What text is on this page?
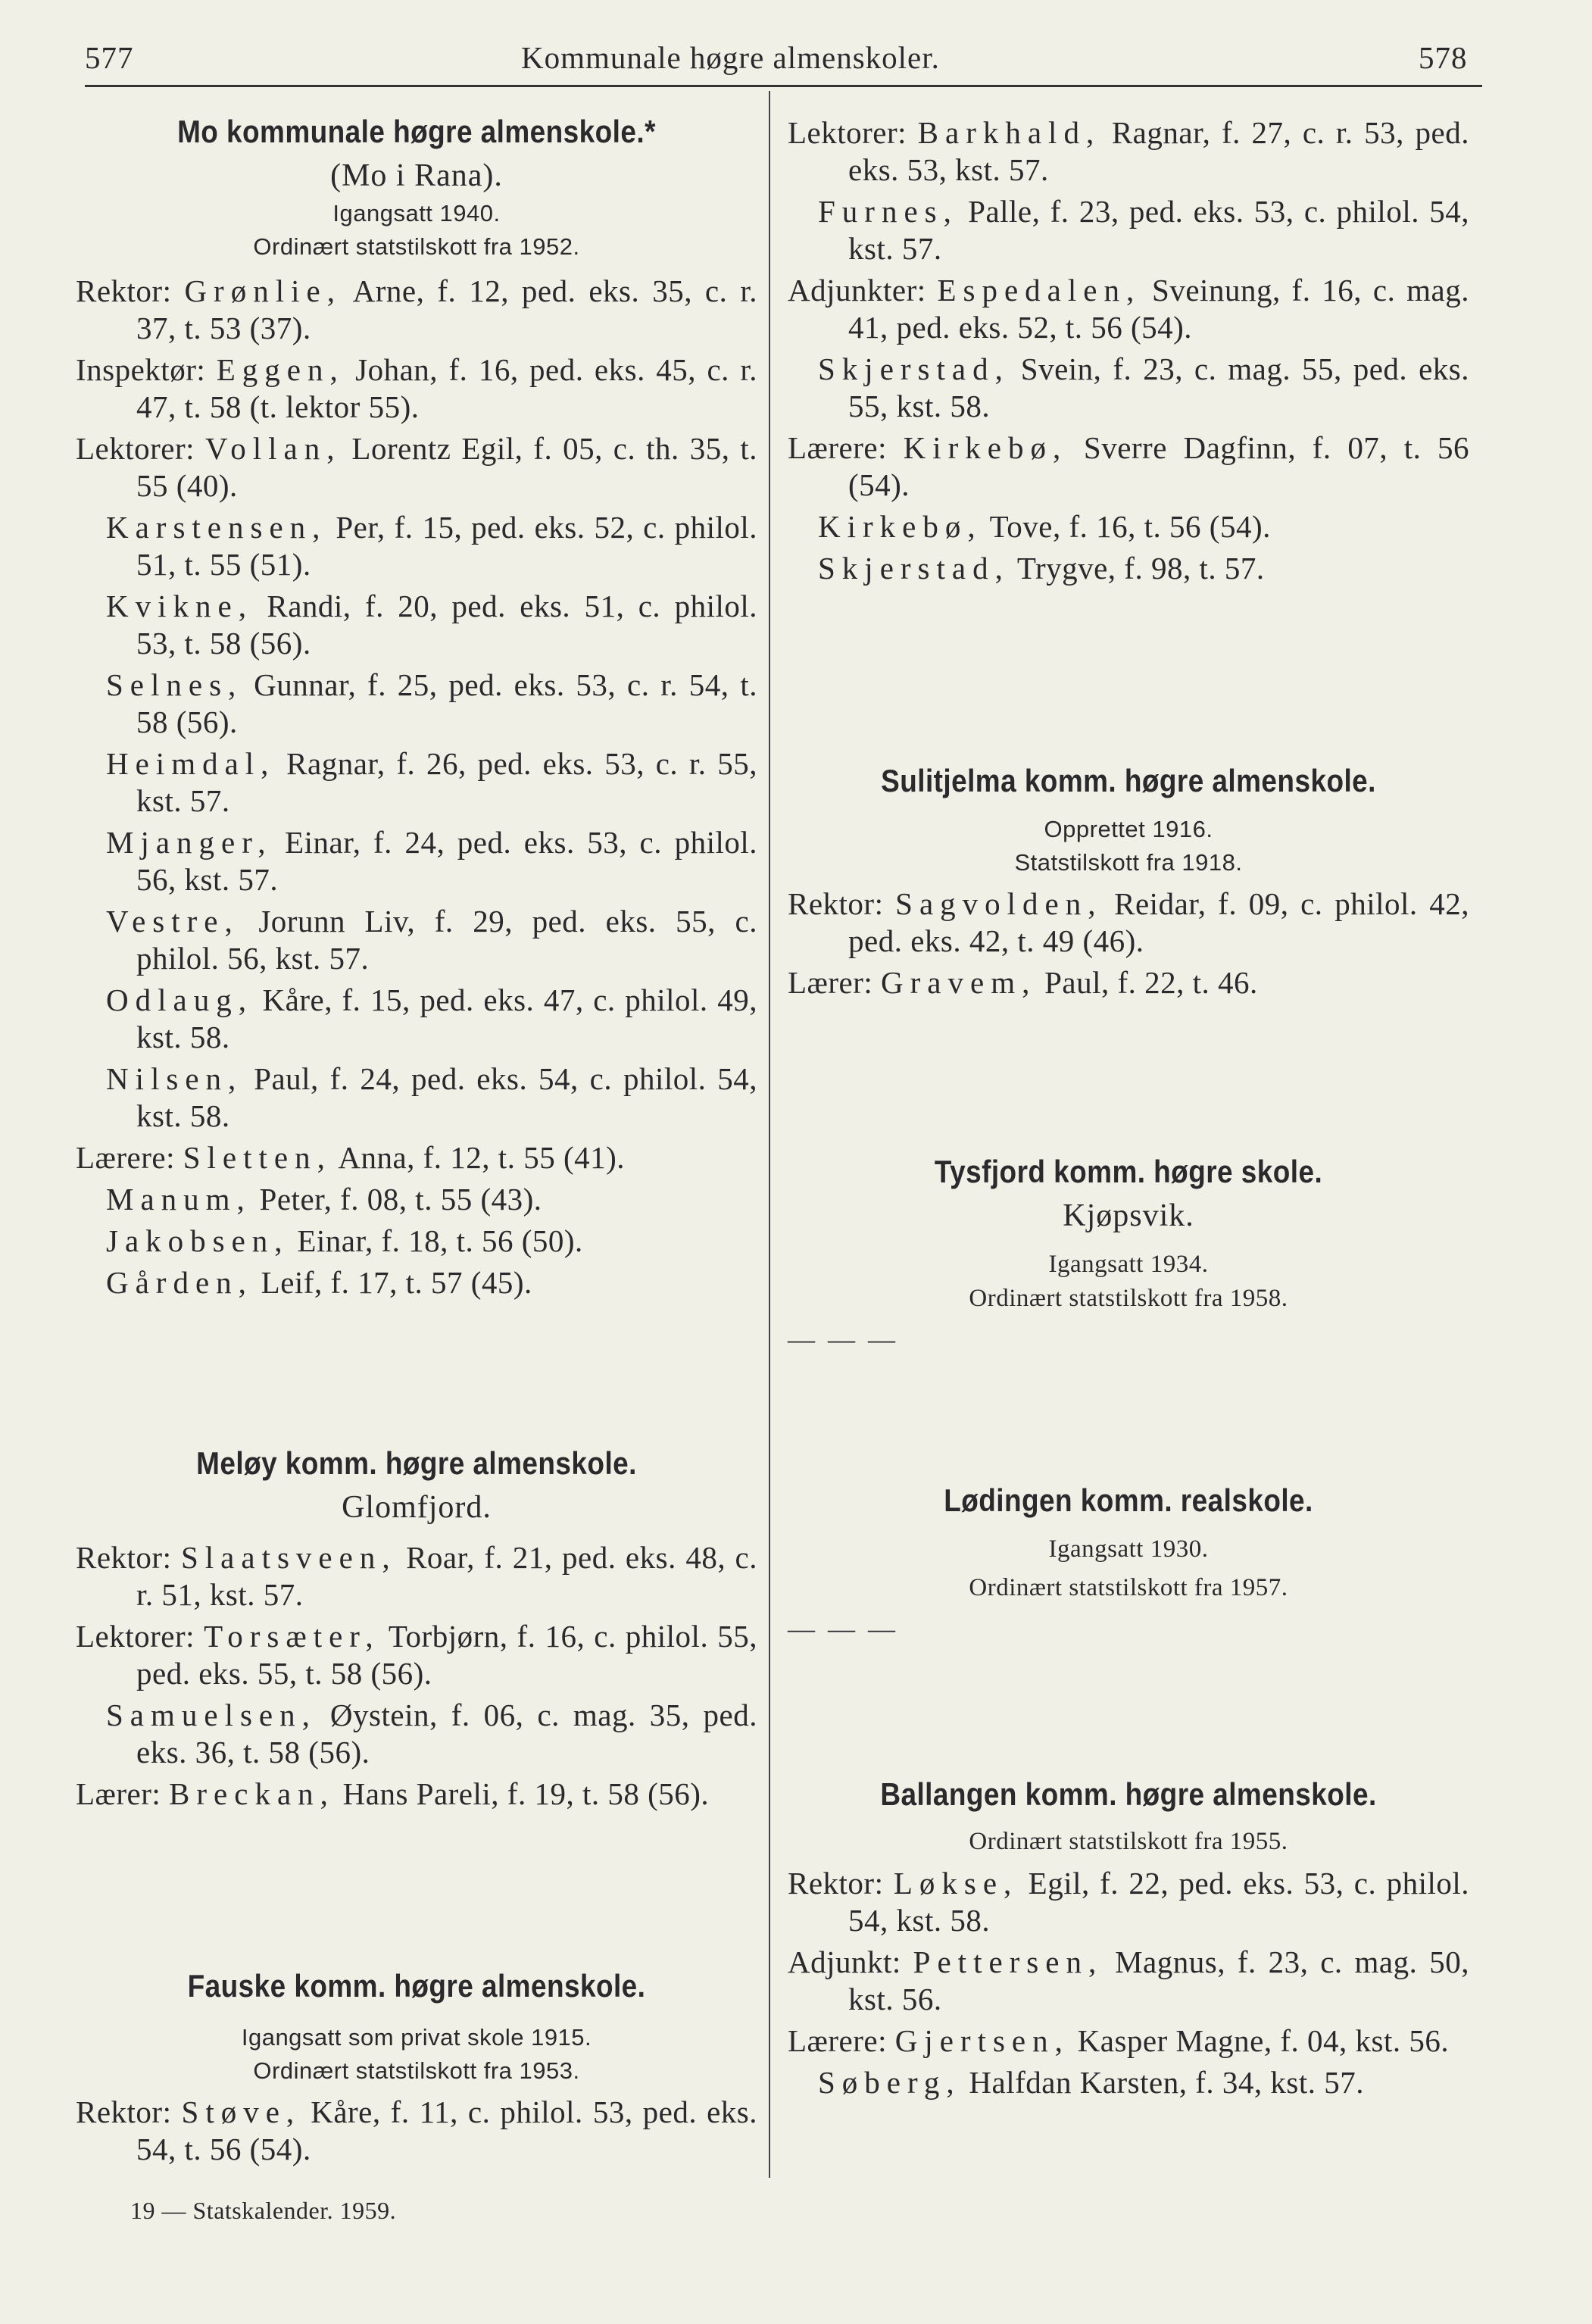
577	Kommunale høgre almenskoler.	578
Mo kommunale høgre almenskole.*
(Mo i Rana).
Igangsatt 1940.
Ordinært statstilskott fra 1952.
Rektor: Grønlie, Arne, f. 12, ped. eks. 35, c. r. 37, t. 53 (37).
Inspektør: Eggen, Johan, f. 16, ped. eks. 45, c. r. 47, t. 58 (t. lektor 55).
Lektorer: Vollan, Lorentz Egil, f. 05, c. th. 35, t. 55 (40).
Karstensen, Per, f. 15, ped. eks. 52, c. philol. 51, t. 55 (51).
Kvikne, Randi, f. 20, ped. eks. 51, c. philol. 53, t. 58 (56).
Selnes, Gunnar, f. 25, ped. eks. 53, c. r. 54, t. 58 (56).
Heimdal, Ragnar, f. 26, ped. eks. 53, c. r. 55, kst. 57.
Mjanger, Einar, f. 24, ped. eks. 53, c. philol. 56, kst. 57.
Vestre, Jorunn Liv, f. 29, ped. eks. 55, c. philol. 56, kst. 57.
Odlaug, Kåre, f. 15, ped. eks. 47, c. philol. 49, kst. 58.
Nilsen, Paul, f. 24, ped. eks. 54, c. philol. 54, kst. 58.
Lærere: Sletten, Anna, f. 12, t. 55 (41).
Manum, Peter, f. 08, t. 55 (43).
Jakobsen, Einar, f. 18, t. 56 (50).
Gården, Leif, f. 17, t. 57 (45).
Meløy komm. høgre almenskole.
Glomfjord.
Rektor: Slaatsveen, Roar, f. 21, ped. eks. 48, c. r. 51, kst. 57.
Lektorer: Torsæter, Torbjørn, f. 16, c. philol. 55, ped. eks. 55, t. 58 (56).
Samuelsen, Øystein, f. 06, c. mag. 35, ped. eks. 36, t. 58 (56).
Lærer: Breckan, Hans Pareli, f. 19, t. 58 (56).
Fauske komm. høgre almenskole.
Igangsatt som privat skole 1915.
Ordinært statstilskott fra 1953.
Rektor: Støve, Kåre, f. 11, c. philol. 53, ped. eks. 54, t. 56 (54).
19 — Statskalender. 1959.
Lektorer: Barkhald, Ragnar, f. 27, c. r. 53, ped. eks. 53, kst. 57.
Furnes, Palle, f. 23, ped. eks. 53, c. philol. 54, kst. 57.
Adjunkter: Espedalen, Sveinung, f. 16, c. mag. 41, ped. eks. 52, t. 56 (54).
Skjerstad, Svein, f. 23, c. mag. 55, ped. eks. 55, kst. 58.
Lærere: Kirkebø, Sverre Dagfinn, f. 07, t. 56 (54).
Kirkebø, Tove, f. 16, t. 56 (54).
Skjerstad, Trygve, f. 98, t. 57.
Sulitjelma komm. høgre almenskole.
Opprettet 1916.
Statstilskott fra 1918.
Rektor: Sagvolden, Reidar, f. 09, c. philol. 42, ped. eks. 42, t. 49 (46).
Lærer: Gravem, Paul, f. 22, t. 46.
Tysfjord komm. høgre skole.
Kjøpsvik.
Igangsatt 1934.
Ordinært statstilskott fra 1958.
— — —
Lødingen komm. realskole.
Igangsatt 1930.
Ordinært statstilskott fra 1957.
— — —
Ballangen komm. høgre almenskole.
Ordinært statstilskott fra 1955.
Rektor: Løkse, Egil, f. 22, ped. eks. 53, c. philol. 54, kst. 58.
Adjunkt: Pettersen, Magnus, f. 23, c. mag. 50, kst. 56.
Lærere: Gjertsen, Kasper Magne, f. 04, kst. 56.
Søberg, Halfdan Karsten, f. 34, kst. 57.
